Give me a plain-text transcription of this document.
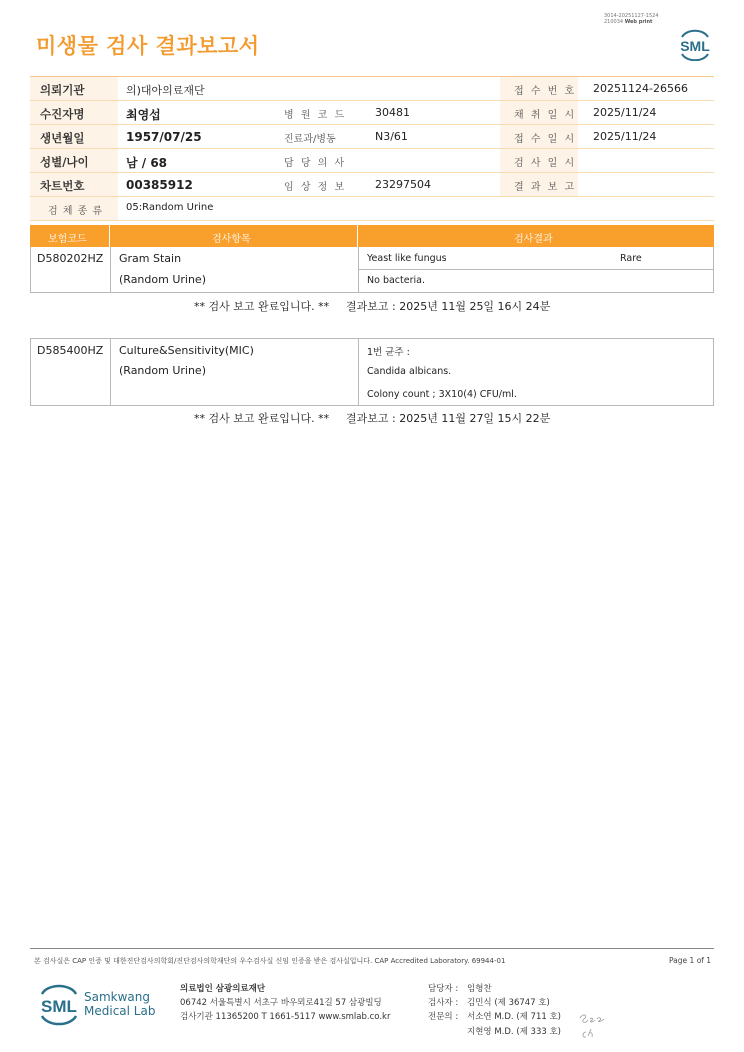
3014-20251127-1524
210034 Web print
미생물 검사 결과보고서	SML
의뢰기관	의)대아의료재단	접 수 번 호 20251124-26566
수진자명	최영섭	병 원 코 드	30481	채 취 일 시 2025/11/24
생년월일	1957/07/25	진료과/병동	N3/61	접 수 일 시 2025/11/24
성별/나이	남 / 68	담 당 의 사	검 사 일 시
차트번호	00385912	임 상 정 보	23297504	결 과 보 고
검 체 종 류 05:Random Urine
보험코드	검사항목	검사결과
D580202HZ Gram Stain
(Random Urine)
Yeast like fungus	Rare
No bacteria.
** 검사 보고 완료입니다. ** 결과보고 : 2025년 11월 25일 16시 24분
D585400HZ Culture&Sensitivity(MIC)
(Random Urine)
1번 균주 :
Candida albicans.
Colony count ; 3X10(4) CFU/ml.
** 검사 보고 완료입니다. ** 결과보고 : 2025년 11월 27일 15시 22분
본 검사실은 CAP 인증 및 대한진단검사의학회/진단검사의학재단의 우수검사실 신임 인증을 받은 검사실입니다. CAP Accredited Laboratory. 69944-01	Page 1 of 1
SML Samkwang
Medical Lab
의료법인 삼광의료재단
06742 서울특별시 서초구 바우뫼로41길 57 삼광빌딩
검사기관 11365200 T 1661-5117 www.smlab.co.kr
담당자 : 임형찬
검사자 : 김민식 (제 36747 호)
전문의 : 서소연 M.D. (제 711 호)
지현영 M.D. (제 333 호)
